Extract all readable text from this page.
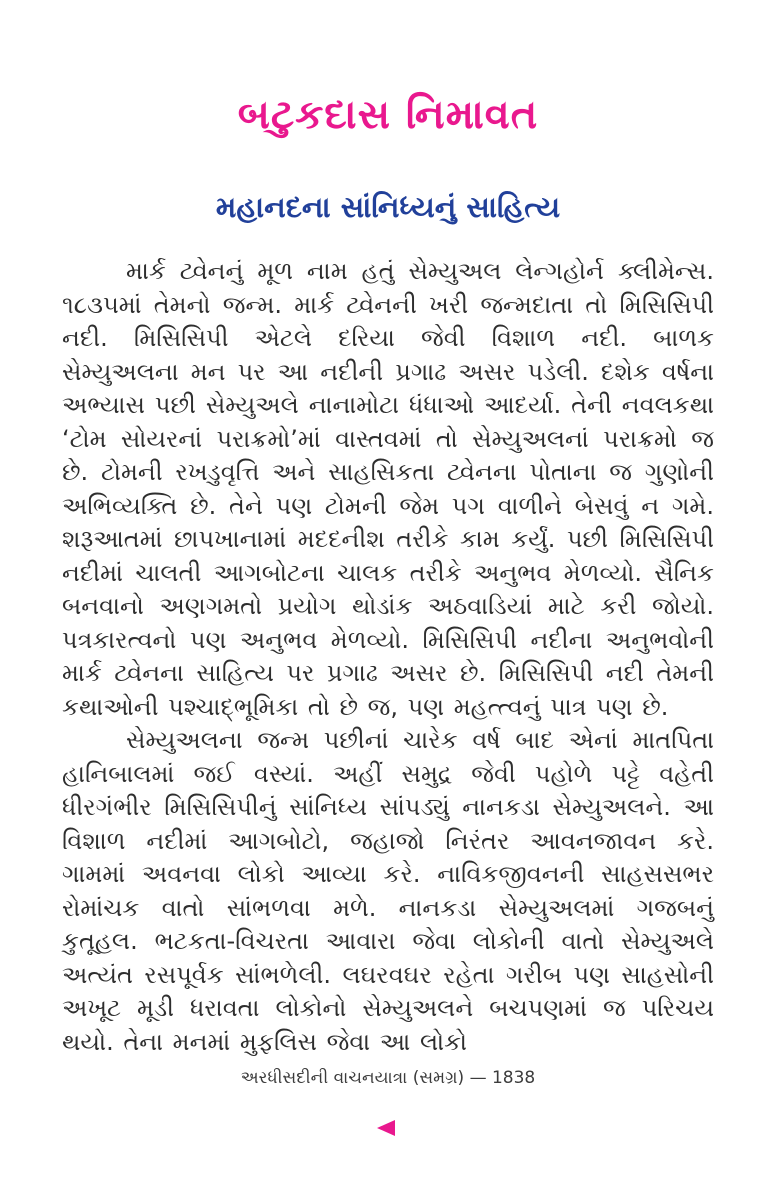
બટુકદાસ નિમાવત
મહાનદના સાંનિધ્યનું સાહિત્ય

માર્ક ટ્વેનનું મૂળ નામ હતું સેમ્યુઅલ લેન્ગહોર્ન ક્લીમેન્સ. ૧૮૩૫માં તેમનો જન્મ. માર્ક ટ્વેનની ખરી જન્મદાતા તો મિસિસિપી નદી. મિસિસિપી એટલે દરિયા જેવી વિશાળ નદી. બાળક સેમ્યુઅલના મન પર આ નદીની પ્રગાઢ અસર પડેલી. દશેક વર્ષના અભ્યાસ પછી સેમ્યુઅલે નાનામોટા ધંધાઓ આદર્યા. તેની નવલકથા ‘ટોમ સોયરનાં પરાક્રમો’માં વાસ્તવમાં તો સેમ્યુઅલનાં પરાક્રમો જ છે. ટોમની રખડુવૃત્તિ અને સાહસિકતા ટ્વેનના પોતાના જ ગુણોની અભિવ્યક્તિ છે. તેને પણ ટોમની જેમ પગ વાળીને બેસવું ન ગમે. શરૂઆતમાં છાપખાનામાં મદદનીશ તરીકે કામ કર્યું. પછી મિસિસિપી નદીમાં ચાલતી આગબોટના ચાલક તરીકે અનુભવ મેળવ્યો. સૈનિક બનવાનો અણગમતો પ્રયોગ થોડાંક અઠવાડિયાં માટે કરી જોયો. પત્રકારત્વનો પણ અનુભવ મેળવ્યો. મિસિસિપી નદીના અનુભવોની માર્ક ટ્વેનના સાહિત્ય પર પ્રગાઢ અસર છે. મિસિસિપી નદી તેમની કથાઓની પશ્ચાદ્‌ભૂમિકા તો છે જ, પણ મહત્ત્વનું પાત્ર પણ છે.

સેમ્યુઅલના જન્મ પછીનાં ચારેક વર્ષ બાદ એનાં માતપિતા હાનિબાલમાં જઈ વસ્યાં. અહીં સમુદ્ર જેવી પહોળે પટ્ટે વહેતી ધીરગંભીર મિસિસિપીનું સાંનિધ્ય સાંપડ્યું નાનકડા સેમ્યુઅલને. આ વિશાળ નદીમાં આગબોટો, જહાજો નિરંતર આવનજાવન કરે. ગામમાં અવનવા લોકો આવ્યા કરે. નાવિકજીવનની સાહસસભર રોમાંચક વાતો સાંભળવા મળે. નાનકડા સેમ્યુઅલમાં ગજબનું કુતૂહલ. ભટકતા-વિચરતા આવારા જેવા લોકોની વાતો સેમ્યુઅલે અત્યંત રસપૂર્વક સાંભળેલી. લઘરવઘર રહેતા ગરીબ પણ સાહસોની અખૂટ મૂડી ધરાવતા લોકોનો સેમ્યુઅલને બચપણમાં જ પરિચય થયો. તેના મનમાં મુફલિસ જેવા આ લોકો

અરધીસદીની વાચનયાત્રા (સમગ્ર) — 1838
